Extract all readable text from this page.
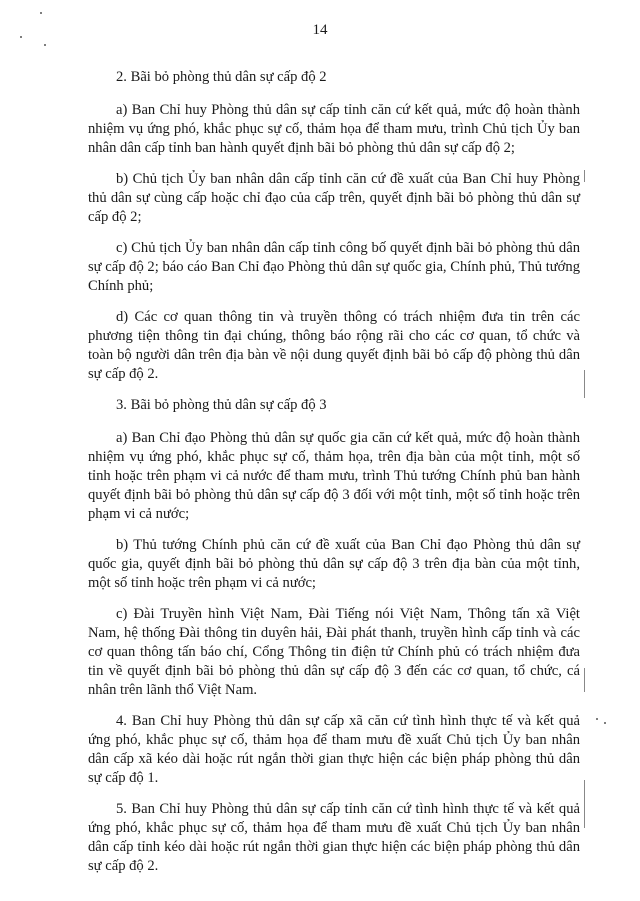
14

2. Bãi bỏ phòng thủ dân sự cấp độ 2

a) Ban Chỉ huy Phòng thủ dân sự cấp tỉnh căn cứ kết quả, mức độ hoàn thành nhiệm vụ ứng phó, khắc phục sự cố, thảm họa để tham mưu, trình Chủ tịch Ủy ban nhân dân cấp tỉnh ban hành quyết định bãi bỏ phòng thủ dân sự cấp độ 2;

b) Chủ tịch Ủy ban nhân dân cấp tỉnh căn cứ đề xuất của Ban Chỉ huy Phòng thủ dân sự cùng cấp hoặc chỉ đạo của cấp trên, quyết định bãi bỏ phòng thủ dân sự cấp độ 2;

c) Chủ tịch Ủy ban nhân dân cấp tỉnh công bố quyết định bãi bỏ phòng thủ dân sự cấp độ 2; báo cáo Ban Chỉ đạo Phòng thủ dân sự quốc gia, Chính phủ, Thủ tướng Chính phủ;

d) Các cơ quan thông tin và truyền thông có trách nhiệm đưa tin trên các phương tiện thông tin đại chúng, thông báo rộng rãi cho các cơ quan, tổ chức và toàn bộ người dân trên địa bàn về nội dung quyết định bãi bỏ cấp độ phòng thủ dân sự cấp độ 2.

3. Bãi bỏ phòng thủ dân sự cấp độ 3

a) Ban Chỉ đạo Phòng thủ dân sự quốc gia căn cứ kết quả, mức độ hoàn thành nhiệm vụ ứng phó, khắc phục sự cố, thảm họa, trên địa bàn của một tỉnh, một số tỉnh hoặc trên phạm vi cả nước để tham mưu, trình Thủ tướng Chính phủ ban hành quyết định bãi bỏ phòng thủ dân sự cấp độ 3 đối với một tỉnh, một số tỉnh hoặc trên phạm vi cả nước;

b) Thủ tướng Chính phủ căn cứ đề xuất của Ban Chỉ đạo Phòng thủ dân sự quốc gia, quyết định bãi bỏ phòng thủ dân sự cấp độ 3 trên địa bàn của một tỉnh, một số tỉnh hoặc trên phạm vi cả nước;

c) Đài Truyền hình Việt Nam, Đài Tiếng nói Việt Nam, Thông tấn xã Việt Nam, hệ thống Đài thông tin duyên hải, Đài phát thanh, truyền hình cấp tỉnh và các cơ quan thông tấn báo chí, Cổng Thông tin điện tử Chính phủ có trách nhiệm đưa tin về quyết định bãi bỏ phòng thủ dân sự cấp độ 3 đến các cơ quan, tổ chức, cá nhân trên lãnh thổ Việt Nam.

4. Ban Chỉ huy Phòng thủ dân sự cấp xã căn cứ tình hình thực tế và kết quả ứng phó, khắc phục sự cố, thảm họa để tham mưu đề xuất Chủ tịch Ủy ban nhân dân cấp xã kéo dài hoặc rút ngắn thời gian thực hiện các biện pháp phòng thủ dân sự cấp độ 1.

5. Ban Chỉ huy Phòng thủ dân sự cấp tỉnh căn cứ tình hình thực tế và kết quả ứng phó, khắc phục sự cố, thảm họa để tham mưu đề xuất Chủ tịch Ủy ban nhân dân cấp tỉnh kéo dài hoặc rút ngắn thời gian thực hiện các biện pháp phòng thủ dân sự cấp độ 2.
